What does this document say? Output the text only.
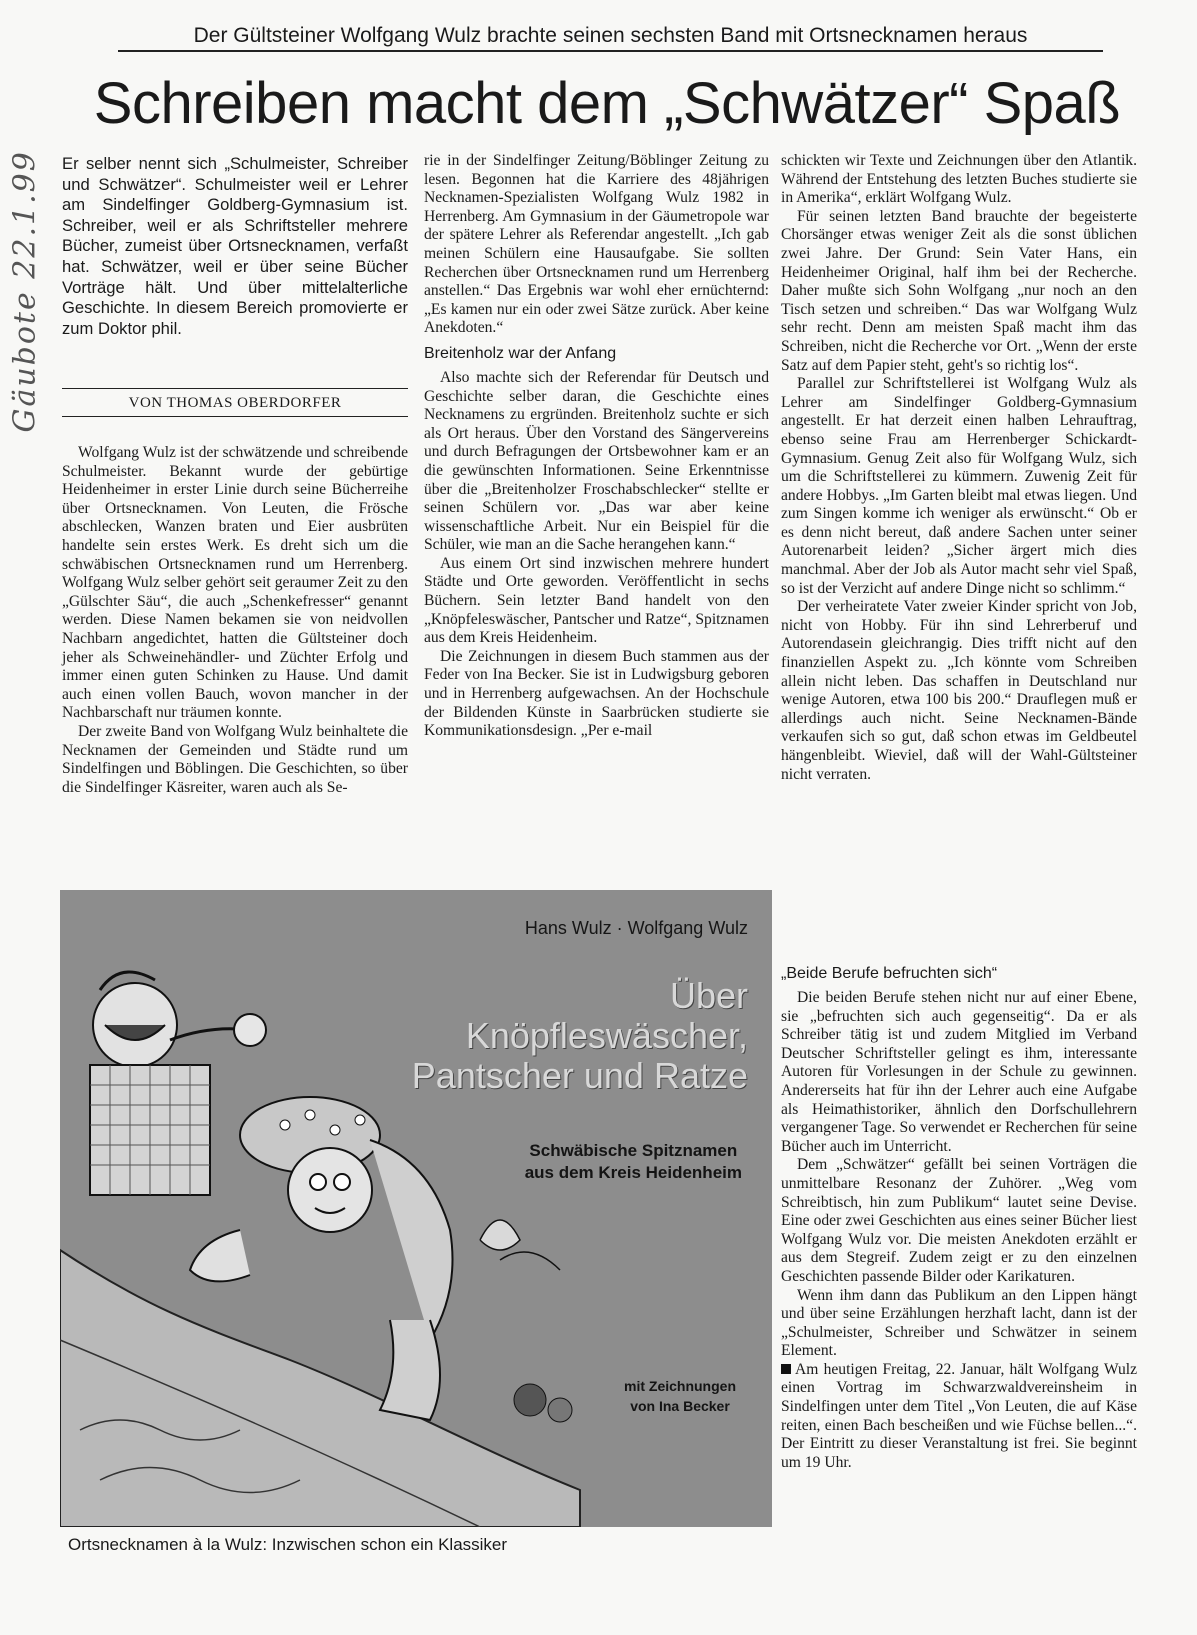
Gäubote 22.1.99
Der Gültsteiner Wolfgang Wulz brachte seinen sechsten Band mit Ortsnecknamen heraus
Schreiben macht dem „Schwätzer“ Spaß
Er selber nennt sich „Schulmeister, Schreiber und Schwätzer“. Schulmeister weil er Lehrer am Sindelfinger Goldberg-Gymnasium ist. Schreiber, weil er als Schriftsteller mehrere Bücher, zumeist über Ortsnecknamen, verfaßt hat. Schwätzer, weil er über seine Bücher Vorträge hält. Und über mittelalterliche Geschichte. In diesem Bereich promovierte er zum Doktor phil.
VON THOMAS OBERDORFER

Wolfgang Wulz ist der schwätzende und schreibende Schulmeister. Bekannt wurde der gebürtige Heidenheimer in erster Linie durch seine Bücherreihe über Ortsnecknamen. Von Leuten, die Frösche abschlecken, Wanzen braten und Eier ausbrüten handelte sein erstes Werk. Es dreht sich um die schwäbischen Ortsnecknamen rund um Herrenberg. Wolfgang Wulz selber gehört seit geraumer Zeit zu den „Gülschter Säu“, die auch „Schenkefresser“ genannt werden. Diese Namen bekamen sie von neidvollen Nachbarn angedichtet, hatten die Gültsteiner doch jeher als Schweinehändler- und Züchter Erfolg und immer einen guten Schinken zu Hause. Und damit auch einen vollen Bauch, wovon mancher in der Nachbarschaft nur träumen konnte.

Der zweite Band von Wolfgang Wulz beinhaltete die Necknamen der Gemeinden und Städte rund um Sindelfingen und Böblingen. Die Geschichten, so über die Sindelfinger Käsreiter, waren auch als Se-

rie in der Sindelfinger Zeitung/Böblinger Zeitung zu lesen. Begonnen hat die Karriere des 48jährigen Necknamen-Spezialisten Wolfgang Wulz 1982 in Herrenberg. Am Gymnasium in der Gäumetropole war der spätere Lehrer als Referendar angestellt. „Ich gab meinen Schülern eine Hausaufgabe. Sie sollten Recherchen über Ortsnecknamen rund um Herrenberg anstellen.“ Das Ergebnis war wohl eher ernüchternd: „Es kamen nur ein oder zwei Sätze zurück. Aber keine Anekdoten.“

Breitenholz war der Anfang

Also machte sich der Referendar für Deutsch und Geschichte selber daran, die Geschichte eines Necknamens zu ergründen. Breitenholz suchte er sich als Ort heraus. Über den Vorstand des Sängervereins und durch Befragungen der Ortsbewohner kam er an die gewünschten Informationen. Seine Erkenntnisse über die „Breitenholzer Froschabschlecker“ stellte er seinen Schülern vor. „Das war aber keine wissenschaftliche Arbeit. Nur ein Beispiel für die Schüler, wie man an die Sache herangehen kann.“

Aus einem Ort sind inzwischen mehrere hundert Städte und Orte geworden. Veröffentlicht in sechs Büchern. Sein letzter Band handelt von den „Knöpfeleswäscher, Pantscher und Ratze“, Spitznamen aus dem Kreis Heidenheim.

Die Zeichnungen in diesem Buch stammen aus der Feder von Ina Becker. Sie ist in Ludwigsburg geboren und in Herrenberg aufgewachsen. An der Hochschule der Bildenden Künste in Saarbrücken studierte sie Kommunikationsdesign. „Per e-mail

schickten wir Texte und Zeichnungen über den Atlantik. Während der Entstehung des letzten Buches studierte sie in Amerika“, erklärt Wolfgang Wulz.

Für seinen letzten Band brauchte der begeisterte Chorsänger etwas weniger Zeit als die sonst üblichen zwei Jahre. Der Grund: Sein Vater Hans, ein Heidenheimer Original, half ihm bei der Recherche. Daher mußte sich Sohn Wolfgang „nur noch an den Tisch setzen und schreiben.“ Das war Wolfgang Wulz sehr recht. Denn am meisten Spaß macht ihm das Schreiben, nicht die Recherche vor Ort. „Wenn der erste Satz auf dem Papier steht, geht's so richtig los“.

Parallel zur Schriftstellerei ist Wolfgang Wulz als Lehrer am Sindelfinger Goldberg-Gymnasium angestellt. Er hat derzeit einen halben Lehrauftrag, ebenso seine Frau am Herrenberger Schickardt-Gymnasium. Genug Zeit also für Wolfgang Wulz, sich um die Schriftstellerei zu kümmern. Zuwenig Zeit für andere Hobbys. „Im Garten bleibt mal etwas liegen. Und zum Singen komme ich weniger als erwünscht.“ Ob er es denn nicht bereut, daß andere Sachen unter seiner Autorenarbeit leiden? „Sicher ärgert mich dies manchmal. Aber der Job als Autor macht sehr viel Spaß, so ist der Verzicht auf andere Dinge nicht so schlimm.“

Der verheiratete Vater zweier Kinder spricht von Job, nicht von Hobby. Für ihn sind Lehrerberuf und Autorendasein gleichrangig. Dies trifft nicht auf den finanziellen Aspekt zu. „Ich könnte vom Schreiben allein nicht leben. Das schaffen in Deutschland nur wenige Autoren, etwa 100 bis 200.“ Drauflegen muß er allerdings auch nicht. Seine Necknamen-Bände verkaufen sich so gut, daß schon etwas im Geldbeutel hängenbleibt. Wieviel, daß will der Wahl-Gültsteiner nicht verraten.

„Beide Berufe befruchten sich“

Die beiden Berufe stehen nicht nur auf einer Ebene, sie „befruchten sich auch gegenseitig“. Da er als Schreiber tätig ist und zudem Mitglied im Verband Deutscher Schriftsteller gelingt es ihm, interessante Autoren für Vorlesungen in der Schule zu gewinnen. Andererseits hat für ihn der Lehrer auch eine Aufgabe als Heimathistoriker, ähnlich den Dorfschullehrern vergangener Tage. So verwendet er Recherchen für seine Bücher auch im Unterricht.

Dem „Schwätzer“ gefällt bei seinen Vorträgen die unmittelbare Resonanz der Zuhörer. „Weg vom Schreibtisch, hin zum Publikum“ lautet seine Devise. Eine oder zwei Geschichten aus eines seiner Bücher liest Wolfgang Wulz vor. Die meisten Anekdoten erzählt er aus dem Stegreif. Zudem zeigt er zu den einzelnen Geschichten passende Bilder oder Karikaturen.

Wenn ihm dann das Publikum an den Lippen hängt und über seine Erzählungen herzhaft lacht, dann ist der „Schulmeister, Schreiber und Schwätzer in seinem Element.

Am heutigen Freitag, 22. Januar, hält Wolfgang Wulz einen Vortrag im Schwarzwaldvereinsheim in Sindelfingen unter dem Titel „Von Leuten, die auf Käse reiten, einen Bach bescheißen und wie Füchse bellen...“. Der Eintritt zu dieser Veranstaltung ist frei. Sie beginnt um 19 Uhr.

Hans Wulz · Wolfgang Wulz
Über
Knöpfleswäscher,
Pantscher und Ratze
Schwäbische Spitznamen
aus dem Kreis Heidenheim
mit Zeichnungen
von Ina Becker
Ortsnecknamen à la Wulz: Inzwischen schon ein Klassiker
